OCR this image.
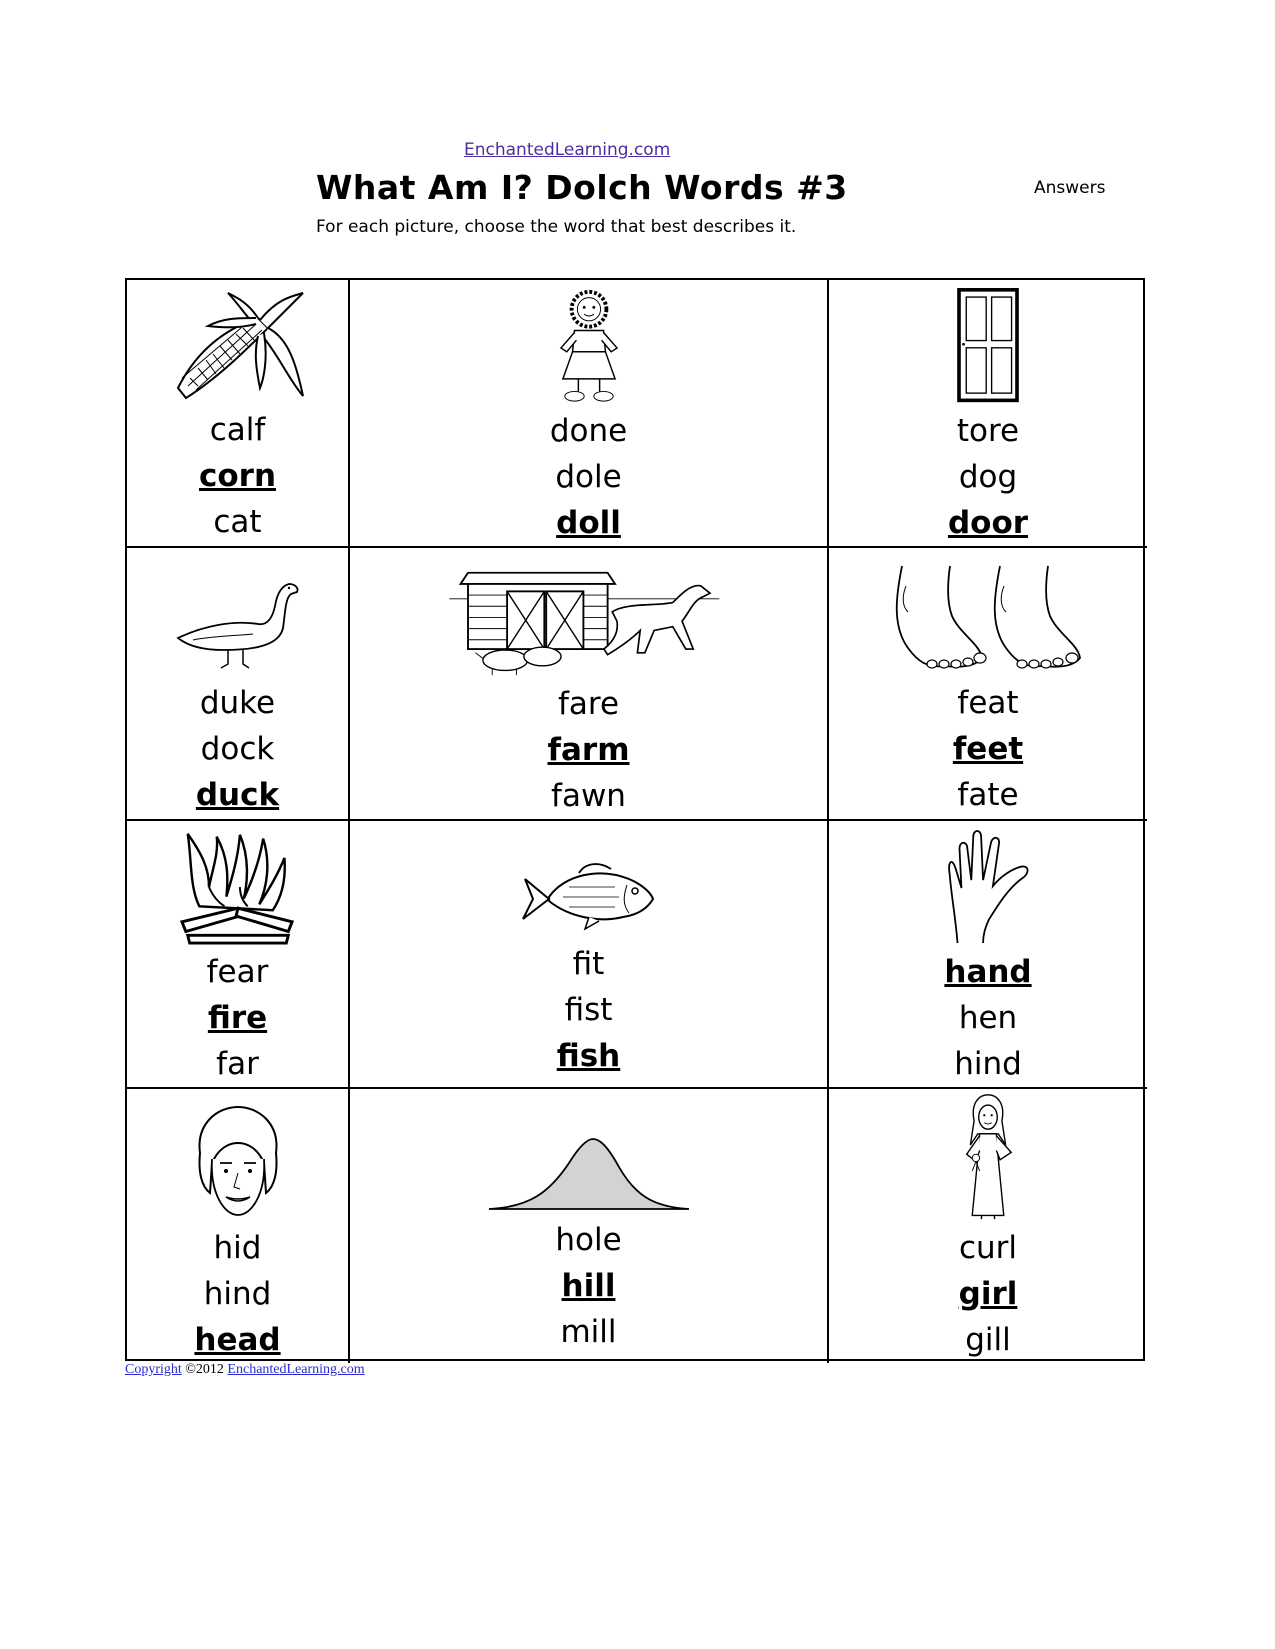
EnchantedLearning.com
What Am I? Dolch Words #3	Answers
For each picture, choose the word that best describes it.
calf
corn
cat
done
dole
doll
tore
dog
door
duke
dock
duck
fare
farm
fawn
feat
feet
fate
fear
fire
far
fit
fist
fish
hand
hen
hind
hid
hind
head
hole
hill
mill
curl
girl
gill
Copyright ©2012 EnchantedLearning.com
